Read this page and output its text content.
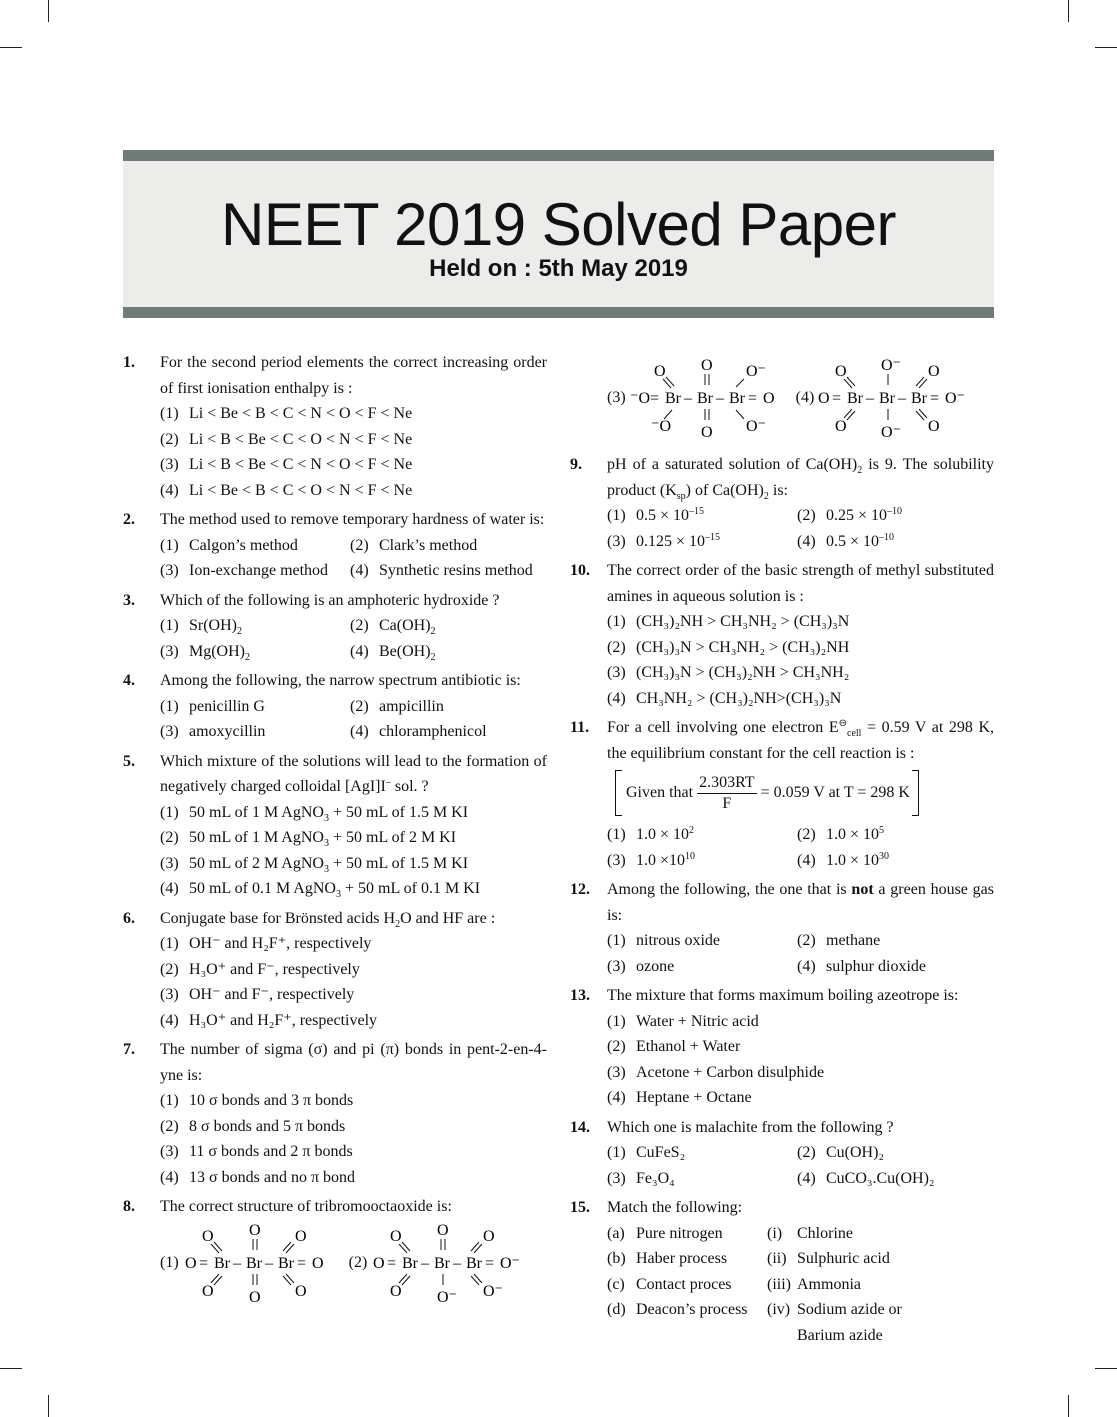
NEET 2019 Solved Paper
Held on : 5th May 2019
1. For the second period elements the correct increasing order of first ionisation enthalpy is :
(1) Li < Be < B < C < N < O < F < Ne
(2) Li < B < Be < C < O < N < F < Ne
(3) Li < B < Be < C < N < O < F < Ne
(4) Li < Be < B < C < O < N < F < Ne
2. The method used to remove temporary hardness of water is:
(1) Calgon’s method	(2) Clark’s method
(3) Ion-exchange method	(4) Synthetic resins method
3. Which of the following is an amphoteric hydroxide ?
(1) $Sr(OH)_2$	(2) $Ca(OH)_2$
(3) $Mg(OH)_2$	(4) $Be(OH)_2$
4. Among the following, the narrow spectrum antibiotic is:
(1) penicillin G	(2) ampicillin
(3) amoxycillin	(4) chloramphenicol
5. Which mixture of the solutions will lead to the formation of negatively charged colloidal [AgI]I– sol. ?
(1) 50 mL of 1 M AgNO$_3$ + 50 mL of 1.5 M KI
(2) 50 mL of 1 M AgNO$_3$ + 50 mL of 2 M KI
(3) 50 mL of 2 M AgNO$_3$ + 50 mL of 1.5 M KI
(4) 50 mL of 0.1 M AgNO$_3$ + 50 mL of 0.1 M KI
6. Conjugate base for Brönsted acids $H_2O$ and HF are :
(1) OH⁻ and H₂F⁺, respectively
(2) H₃O⁺ and F⁻, respectively
(3) OH⁻ and F⁻, respectively
(4) H₃O⁺ and H₂F⁺, respectively
7. The number of sigma (σ) and pi (π) bonds in pent-2-en-4-yne is:
(1) 10 σ bonds and 3 π bonds
(2) 8 σ bonds and 5 π bonds
(3) 11 σ bonds and 2 π bonds
(4) 13 σ bonds and no π bond
8. The correct structure of tribromooctaoxide is:
(1)
O O O
O = Br – Br – Br = O
O O O
(2)
O O O
O = Br – Br – Br = O⁻
O O⁻ O⁻
(3)
O O O⁻
⁻O = Br – Br – Br = O
⁻O O O⁻
(4)
O O⁻ O
O = Br – Br – Br = O⁻
O O⁻ O
9. pH of a saturated solution of $Ca(OH)_2$ is 9. The solubility product $(K_{sp})$ of $Ca(OH)_2$ is:
(1) $0.5 \times 10^{-15}$	(2) $0.25 \times 10^{-10}$
(3) $0.125 \times 10^{-15}$	(4) $0.5 \times 10^{-10}$
10. The correct order of the basic strength of methyl substituted amines in aqueous solution is :
(1) (CH₃)₂NH > CH₃NH₂ > (CH₃)₃N
(2) (CH₃)₃N > CH₃NH₂ > (CH₃)₂NH
(3) (CH₃)₃N > (CH₃)₂NH > CH₃NH₂
(4) CH₃NH₂ > (CH₃)₂NH>(CH₃)₃N
11. For a cell involving one electron $E^⊖_{cell} = 0.59$ V at 298 K, the equilibrium constant for the cell reaction is :
Given that $\frac{2.303RT}{F} = 0.059$ V at T = 298 K
(1) $1.0 \times 10^2$	(2) $1.0 \times 10^5$
(3) $1.0 \times 10^{10}$	(4) $1.0 \times 10^{30}$
12. Among the following, the one that is not a green house gas is:
(1) nitrous oxide	(2) methane
(3) ozone	(4) sulphur dioxide
13. The mixture that forms maximum boiling azeotrope is:
(1) Water + Nitric acid
(2) Ethanol + Water
(3) Acetone + Carbon disulphide
(4) Heptane + Octane
14. Which one is malachite from the following ?
(1) CuFeS₂	(2) Cu(OH)₂
(3) Fe₃O₄	(4) CuCO₃.Cu(OH)₂
15. Match the following:
(a) Pure nitrogen	(i) Chlorine
(b) Haber process	(ii) Sulphuric acid
(c) Contact proces	(iii) Ammonia
(d) Deacon’s process	(iv) Sodium azide or
Barium azide
